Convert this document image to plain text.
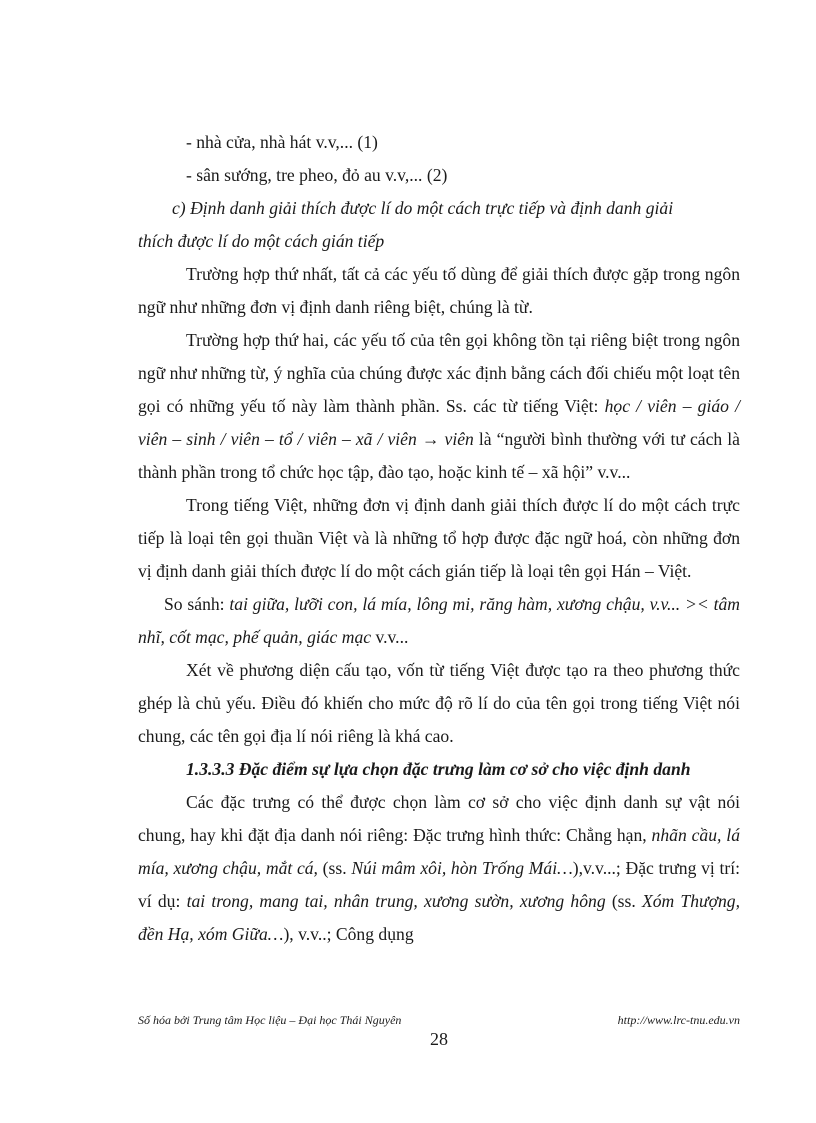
- nhà cửa, nhà hát v.v,... (1)

- sân sướng, tre pheo, đỏ au v.v,... (2)

c) Định danh giải thích được lí do một cách trực tiếp và định danh giải

thích được lí do một cách gián tiếp

Trường hợp thứ nhất, tất cả các yếu tố dùng để giải thích được gặp trong ngôn ngữ như những đơn vị định danh riêng biệt, chúng là từ.

Trường hợp thứ hai, các yếu tố của tên gọi không tồn tại riêng biệt trong ngôn ngữ như những từ, ý nghĩa của chúng được xác định bằng cách đối chiếu một loạt tên gọi có những yếu tố này làm thành phần. Ss. các từ tiếng Việt: học / viên – giáo / viên – sinh / viên – tổ / viên – xã / viên → viên là “người bình thường với tư cách là thành phần trong tổ chức học tập, đào tạo, hoặc kinh tế – xã hội” v.v...

Trong tiếng Việt, những đơn vị định danh giải thích được lí do một cách trực tiếp là loại tên gọi thuần Việt và là những tổ hợp được đặc ngữ hoá, còn những đơn vị định danh giải thích được lí do một cách gián tiếp là loại tên gọi Hán – Việt.

So sánh: tai giữa, lưỡi con, lá mía, lông mi, răng hàm, xương chậu, v.v... >< tâm nhĩ, cốt mạc, phế quản, giác mạc v.v...

Xét về phương diện cấu tạo, vốn từ tiếng Việt được tạo ra theo phương thức ghép là chủ yếu. Điều đó khiến cho mức độ rõ lí do của tên gọi trong tiếng Việt nói chung, các tên gọi địa lí nói riêng là khá cao.

1.3.3.3 Đặc điểm sự lựa chọn đặc trưng làm cơ sở cho việc định danh

Các đặc trưng có thể được chọn làm cơ sở cho việc định danh sự vật nói chung, hay khi đặt địa danh nói riêng: Đặc trưng hình thức: Chẳng hạn, nhãn cầu, lá mía, xương chậu, mắt cá, (ss. Núi mâm xôi, hòn Trống Mái…),v.v...; Đặc trưng vị trí: ví dụ: tai trong, mang tai, nhân trung, xương sườn, xương hông (ss. Xóm Thượng, đền Hạ, xóm Giữa…), v.v..; Công dụng

Số hóa bởi Trung tâm Học liệu – Đại học Thái Nguyên	http://www.lrc-tnu.edu.vn
28
